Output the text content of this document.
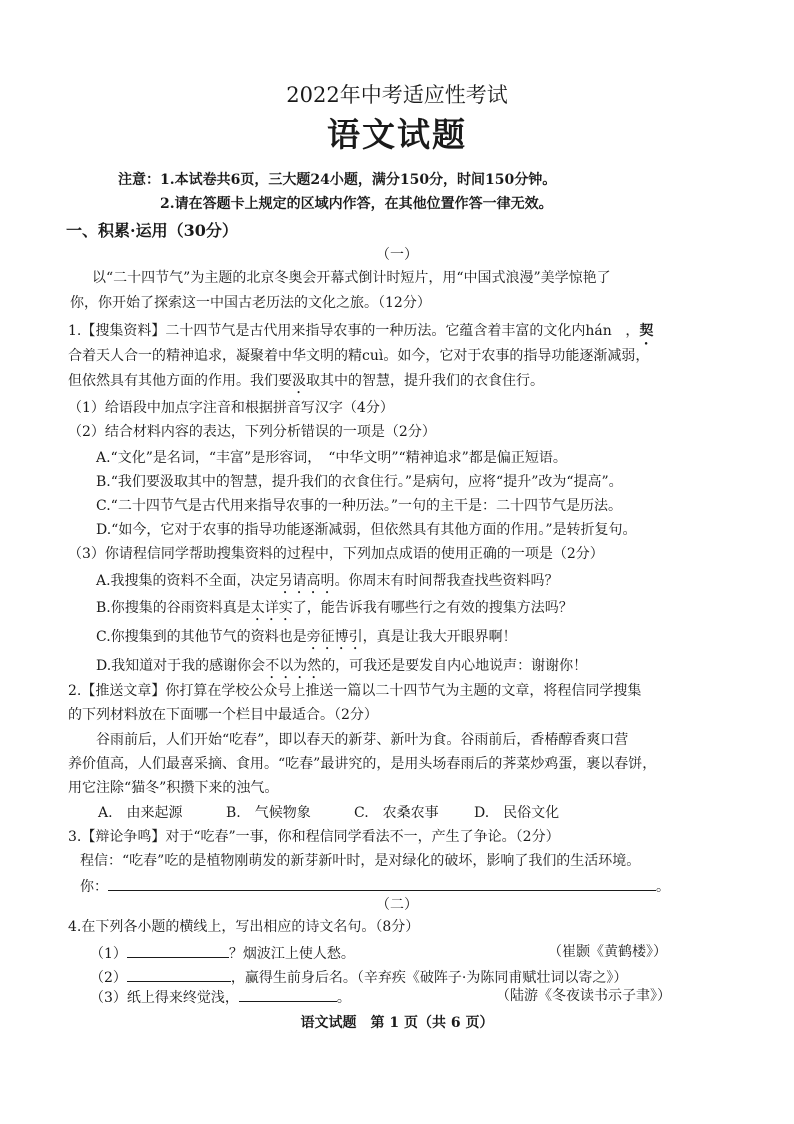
2022年中考适应性考试
语文试题
注意：1.本试卷共6页，三大题24小题，满分150分，时间150分钟。
2.请在答题卡上规定的区域内作答，在其他位置作答一律无效。
一、积累·运用（30分）
（一）
以“二十四节气”为主题的北京冬奥会开幕式倒计时短片，用“中国式浪漫”美学惊艳了
你，你开始了探索这一中国古老历法的文化之旅。（12分）
1.【搜集资料】二十四节气是古代用来指导农事的一种历法。它蕴含着丰富的文化内hán ，契
合着天人合一的精神追求，凝聚着中华文明的精cuì。如今，它对于农事的指导功能逐渐减弱，
但依然具有其他方面的作用。我们要汲取其中的智慧，提升我们的衣食住行。
（1）给语段中加点字注音和根据拼音写汉字（4分）
（2）结合材料内容的表达，下列分析错误的一项是（2分）
A.“文化”是名词，“丰富”是形容词，　“中华文明”“精神追求”都是偏正短语。
B.“我们要汲取其中的智慧，提升我们的衣食住行。”是病句，应将“提升”改为“提高”。
C.“二十四节气是古代用来指导农事的一种历法。”一句的主干是：二十四节气是历法。
D.“如今，它对于农事的指导功能逐渐减弱，但依然具有其他方面的作用。”是转折复句。
（3）你请程信同学帮助搜集资料的过程中，下列加点成语的使用正确的一项是（2分）
A.我搜集的资料不全面，决定另请高明。你周末有时间帮我查找些资料吗？
B.你搜集的谷雨资料真是太详实了，能告诉我有哪些行之有效的搜集方法吗？
C.你搜集到的其他节气的资料也是旁征博引，真是让我大开眼界啊！
D.我知道对于我的感谢你会不以为然的，可我还是要发自内心地说声：谢谢你！
2.【推送文章】你打算在学校公众号上推送一篇以二十四节气为主题的文章，将程信同学搜集
的下列材料放在下面哪一个栏目中最适合。（2分）
谷雨前后，人们开始“吃春”，即以春天的新芽、新叶为食。谷雨前后，香椿醇香爽口营
养价值高，人们最喜采摘、食用。“吃春”最讲究的，是用头场春雨后的荠菜炒鸡蛋，裹以春饼，
用它注除“猫冬”积攒下来的浊气。
A.　由来起源	B.　气候物象	C.　农桑农事	D.　民俗文化
3.【辩论争鸣】对于“吃春”一事，你和程信同学看法不一，产生了争论。（2分）
程信：“吃春”吃的是植物刚萌发的新芽新叶时，是对绿化的破坏，影响了我们的生活环境。
你：	。
（二）
4.在下列各小题的横线上，写出相应的诗文名句。（8分）
（1）	？烟波江上使人愁。	（崔颢《黄鹤楼》）
（2）	，赢得生前身后名。（辛弃疾《破阵子·为陈同甫赋壮词以寄之》）
（3）纸上得来终觉浅，	。	（陆游《冬夜读书示子聿》）
语文试题　第 1 页（共 6 页）
